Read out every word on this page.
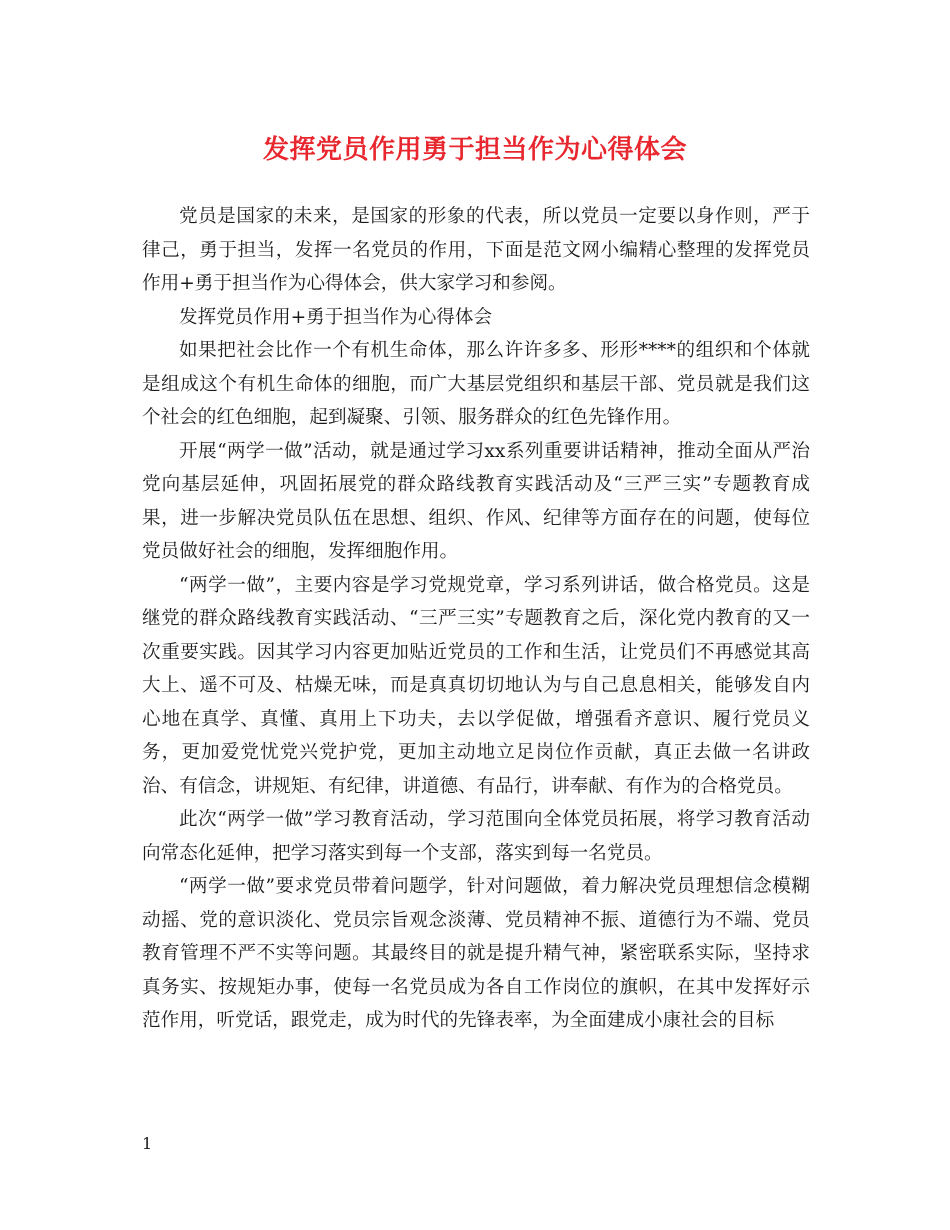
发挥党员作用勇于担当作为心得体会

党员是国家的未来，是国家的形象的代表，所以党员一定要以身作则，严于律己，勇于担当，发挥一名党员的作用，下面是范文网小编精心整理的发挥党员作用+勇于担当作为心得体会，供大家学习和参阅。

发挥党员作用+勇于担当作为心得体会

如果把社会比作一个有机生命体，那么许许多多、形形****的组织和个体就是组成这个有机生命体的细胞，而广大基层党组织和基层干部、党员就是我们这个社会的红色细胞，起到凝聚、引领、服务群众的红色先锋作用。

开展“两学一做”活动，就是通过学习xx系列重要讲话精神，推动全面从严治党向基层延伸，巩固拓展党的群众路线教育实践活动及“三严三实”专题教育成果，进一步解决党员队伍在思想、组织、作风、纪律等方面存在的问题，使每位党员做好社会的细胞，发挥细胞作用。

“两学一做”，主要内容是学习党规党章，学习系列讲话，做合格党员。这是继党的群众路线教育实践活动、“三严三实”专题教育之后，深化党内教育的又一次重要实践。因其学习内容更加贴近党员的工作和生活，让党员们不再感觉其高大上、遥不可及、枯燥无味，而是真真切切地认为与自己息息相关，能够发自内心地在真学、真懂、真用上下功夫，去以学促做，增强看齐意识、履行党员义务，更加爱党忧党兴党护党，更加主动地立足岗位作贡献，真正去做一名讲政治、有信念，讲规矩、有纪律，讲道德、有品行，讲奉献、有作为的合格党员。

此次“两学一做”学习教育活动，学习范围向全体党员拓展，将学习教育活动向常态化延伸，把学习落实到每一个支部，落实到每一名党员。

“两学一做”要求党员带着问题学，针对问题做，着力解决党员理想信念模糊动摇、党的意识淡化、党员宗旨观念淡薄、党员精神不振、道德行为不端、党员教育管理不严不实等问题。其最终目的就是提升精气神，紧密联系实际，坚持求真务实、按规矩办事，使每一名党员成为各自工作岗位的旗帜，在其中发挥好示范作用，听党话，跟党走，成为时代的先锋表率，为全面建成小康社会的目标

1
